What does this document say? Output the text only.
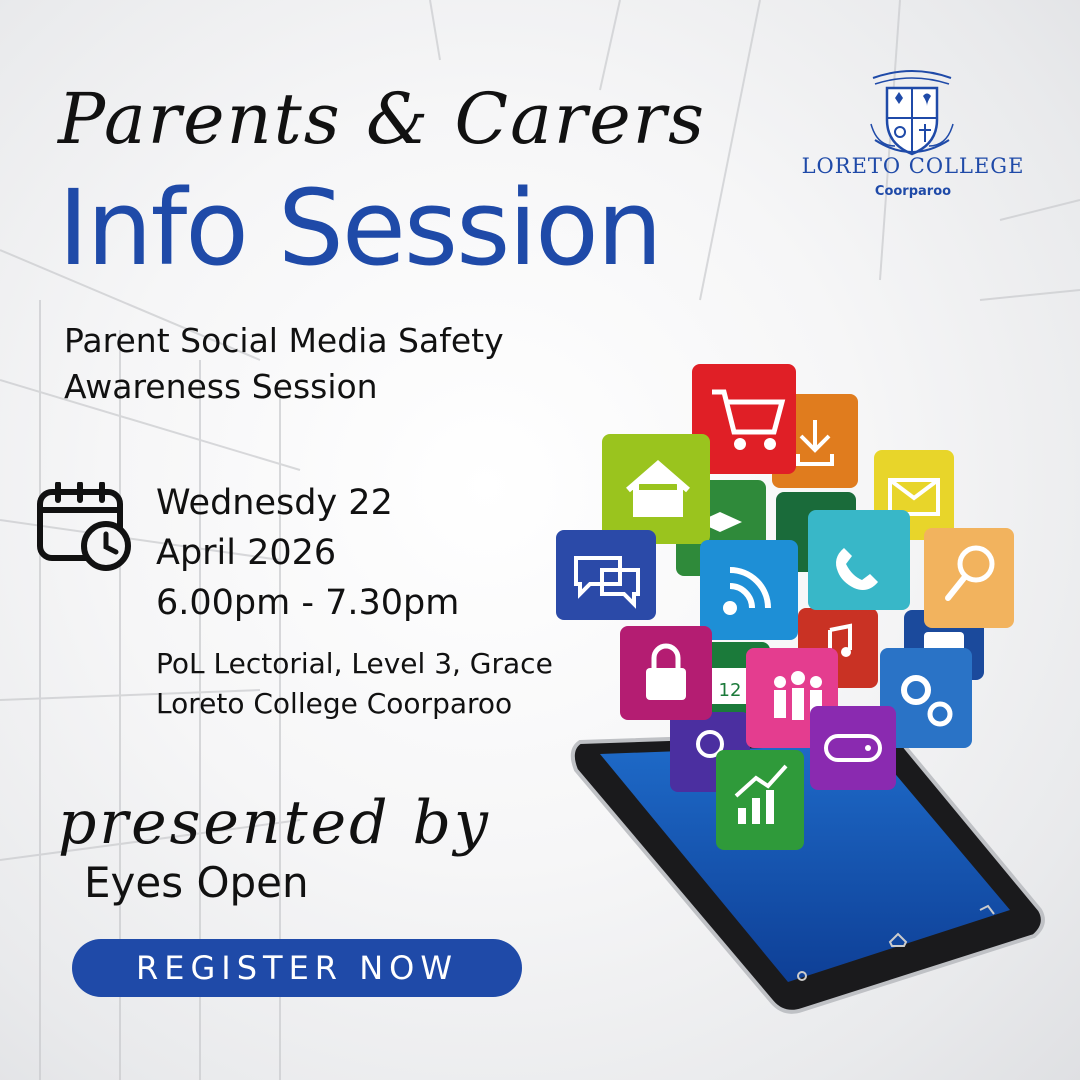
Parents & Carers
Info Session
Parent Social Media Safety
Awareness Session
Wednesdy 22
April 2026
6.00pm - 7.30pm
PoL Lectorial, Level 3, Grace
Loreto College Coorparoo
presented by
Eyes Open
REGISTER NOW
LORETO COLLEGE
Coorparoo
12
